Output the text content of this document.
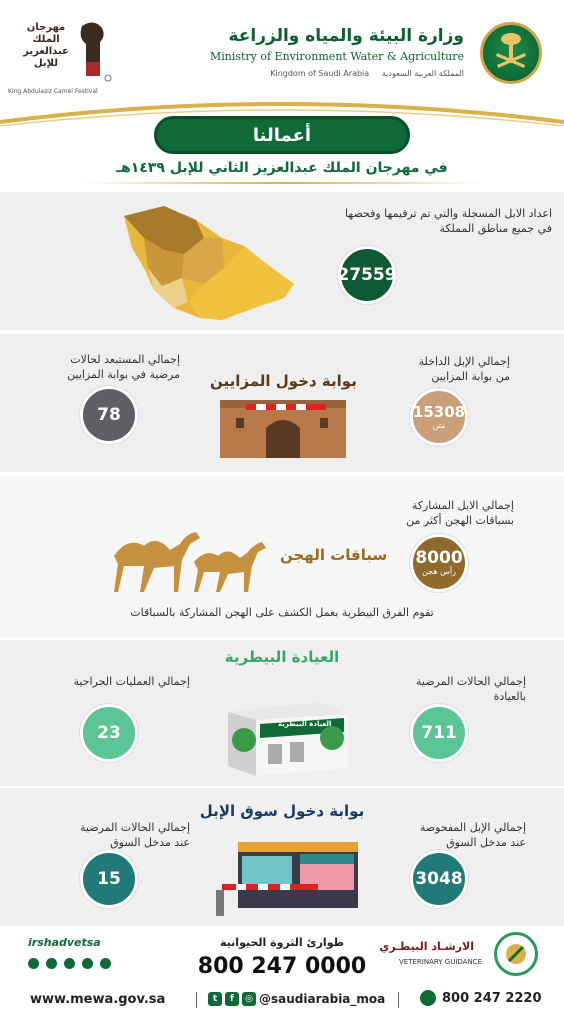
وزارة البيئة والمياه والزراعة
Ministry of Environment Water & Agriculture
Kingdom of Saudi Arabia المملكة العربية السعودية
مهرجان الملك عبدالعزيز للإبل
King Abdulaziz Camel Festival
أعمالنا
في مهرجان الملك عبدالعزيز الثاني للإبل ١٤٣٩هـ
اعداد الابل المسجلة والتي تم ترقيمها وفحصها
في جميع مناطق المملكة
27559
إجمالي المستبعد لحالات
مرضية في بوابة المزايين
78
بوابة دخول المزايين
إجمالي الإبل الداخلة
من بوابة المزايين
15308
متن
سباقات الهجن
إجمالي الابل المشاركة
بسباقات الهجن أكثر من
8000
رأس هجن
تقوم الفرق البيطرية بعمل الكشف على الهجن المشاركة بالسباقات
العيادة البيطرية
إجمالي العمليات الجراحية
23	العيادة البيطرية
إجمالي الحالات المرضية
بالعيادة
711
بوابة دخول سوق الإبل
إجمالي الحالات المرضية
عند مدخل السوق
15
إجمالي الإبل المفحوصة
عند مدخل السوق
3048
irshadvetsa
	طوارئ الثروة الحيوانية
800 247 0000
الارشـاد البيطـري
VETERINARY GUIDANCE
www.mewa.gov.sa	t	f	◎ @saudiarabia_moa	800 247 2220
